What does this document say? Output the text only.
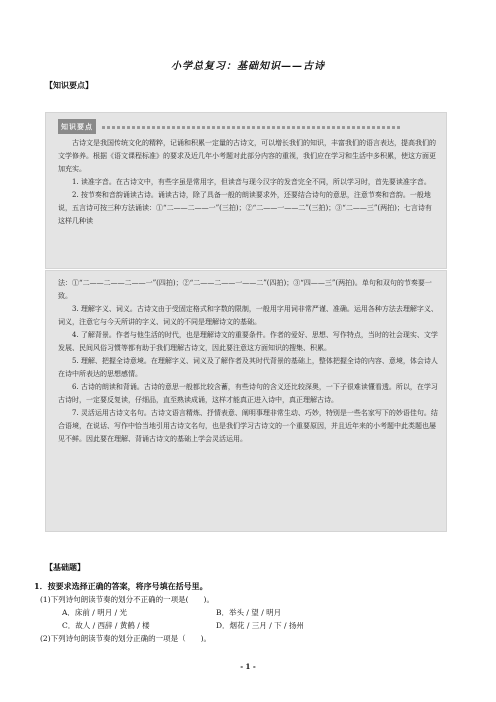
小学总复习：基础知识——古诗
【知识要点】
知识要点

古诗文是我国传统文化的精粹，记诵和积累一定量的古诗文，可以增长我们的知识，丰富我们的语言表达，提高我们的文学修养。根据《语文课程标准》的要求及近几年小考题对此部分内容的重视，我们应在学习和生活中多积累，使这方面更加充实。

1. 读准字音。在古诗文中，有些字虽是常用字，但读音与现今汉字的发音完全不同，所以学习时，首先要读准字音。

2. 按节奏和音韵诵读古诗。诵读古诗，除了具备一般的朗读要求外，还要结合诗句的意思，注意节奏和音韵。一般地说，五言诗可按三种方法诵读：①“二——二——一”(三拍)；②“二——一——二”(三拍)；③“二——三”(两拍)；七言诗有这样几种读

法：①“二——二——二——一”(四拍)；②“二——二——一——二”(四拍)；③“四——三”(两拍)。单句和双句的节奏要一致。

3. 理解字义、词义。古诗文由于受固定格式和字数的限制，一般用字用词非常严谨、准确。运用各种方法去理解字义、词义，注意它与今天所讲的字义、词义的不同是理解诗文的基础。

4. 了解背景。作者与他生活的时代，也是理解诗文的重要条件。作者的爱好、思想、写作特点，当时的社会现实、文学发展、民间风俗习惯等都有助于我们理解古诗文，因此要注意这方面知识的搜集、积累。

5. 理解、把握全诗意境。在理解字义、词义及了解作者及其时代背景的基础上，整体把握全诗的内容、意境，体会诗人在诗中所表达的思想感情。

6. 古诗的朗读和背诵。古诗的意思一般都比较含蓄，有些诗句的含义还比较深奥，一下子很难读懂看透。所以，在学习古诗时，一定要反复读，仔细品，直至熟读成诵，这样才能真正进入诗中，真正理解古诗。

7. 灵活运用古诗文名句。古诗文语言精炼、抒情表意、阐明事理非常生动、巧妙，特别是一些名家写下的妙语佳句。结合语境，在说话、写作中恰当地引用古诗文名句，也是我们学习古诗文的一个重要原因，并且近年来的小考题中此类题也屡见不鲜。因此要在理解、背诵古诗文的基础上学会灵活运用。

【基础题】
1．按要求选择正确的答案，将序号填在括号里。
(1)下列诗句朗读节奏的划分不正确的一项是(　　)。
A．床前 / 明月 / 光	B．举头 / 望 / 明月
C．故人 / 西辞 / 黄鹤 / 楼	D．烟花 / 三月 / 下 / 扬州
(2)下列诗句朗读节奏的划分正确的一项是（　　)。
- 1 -
